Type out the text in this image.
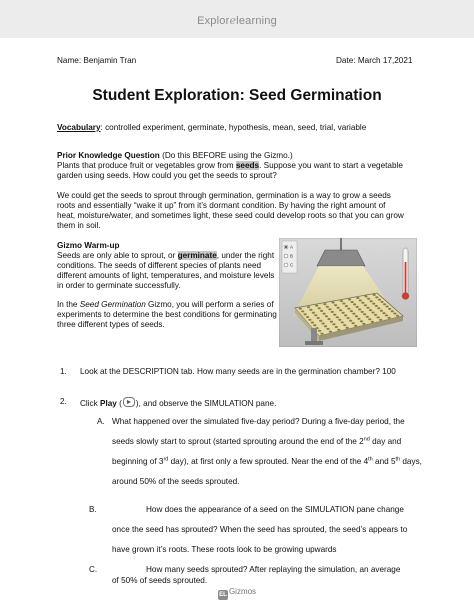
Explorelearning
Name: Benjamin Tran	Date: March 17,2021
Student Exploration: Seed Germination
Vocabulary: controlled experiment, germinate, hypothesis, mean, seed, trial, variable
Prior Knowledge Question (Do this BEFORE using the Gizmo.)
Plants that produce fruit or vegetables grow from seeds. Suppose you want to start a vegetable
garden using seeds. How could you get the seeds to sprout?
We could get the seeds to sprout through germination, germination is a way to grow a seeds
roots and essentially “wake it up” from it’s dormant condition. By having the right amount of
heat, moisture/water, and sometimes light, these seed could develop roots so that you can grow
them in soil.
Gizmo Warm-up
Seeds are only able to sprout, or germinate, under the right
conditions. The seeds of different species of plants need
different amounts of light, temperatures, and moisture levels
in order to germinate successfully.
In the Seed Germination Gizmo, you will perform a series of
experiments to determine the best conditions for germinating
three different types of seeds.
A
B
C
1. Look at the DESCRIPTION tab. How many seeds are in the germination chamber? 100
2. Click Play ( ), and observe the SIMULATION pane.
A. What happened over the simulated five-day period? During a five-day period, the
seeds slowly start to sprout (started sprouting around the end of the 2nd day and
beginning of 3rd day), at first only a few sprouted. Near the end of the 4th and 5th days,
around 50% of the seeds sprouted.
B.	How does the appearance of a seed on the SIMULATION pane change
once the seed has sprouted? When the seed has sprouted, the seed’s appears to
have grown it’s roots. These roots look to be growing upwards
C.	How many seeds sprouted? After replaying the simulation, an average
of 50% of seeds sprouted.
EL Gizmos
